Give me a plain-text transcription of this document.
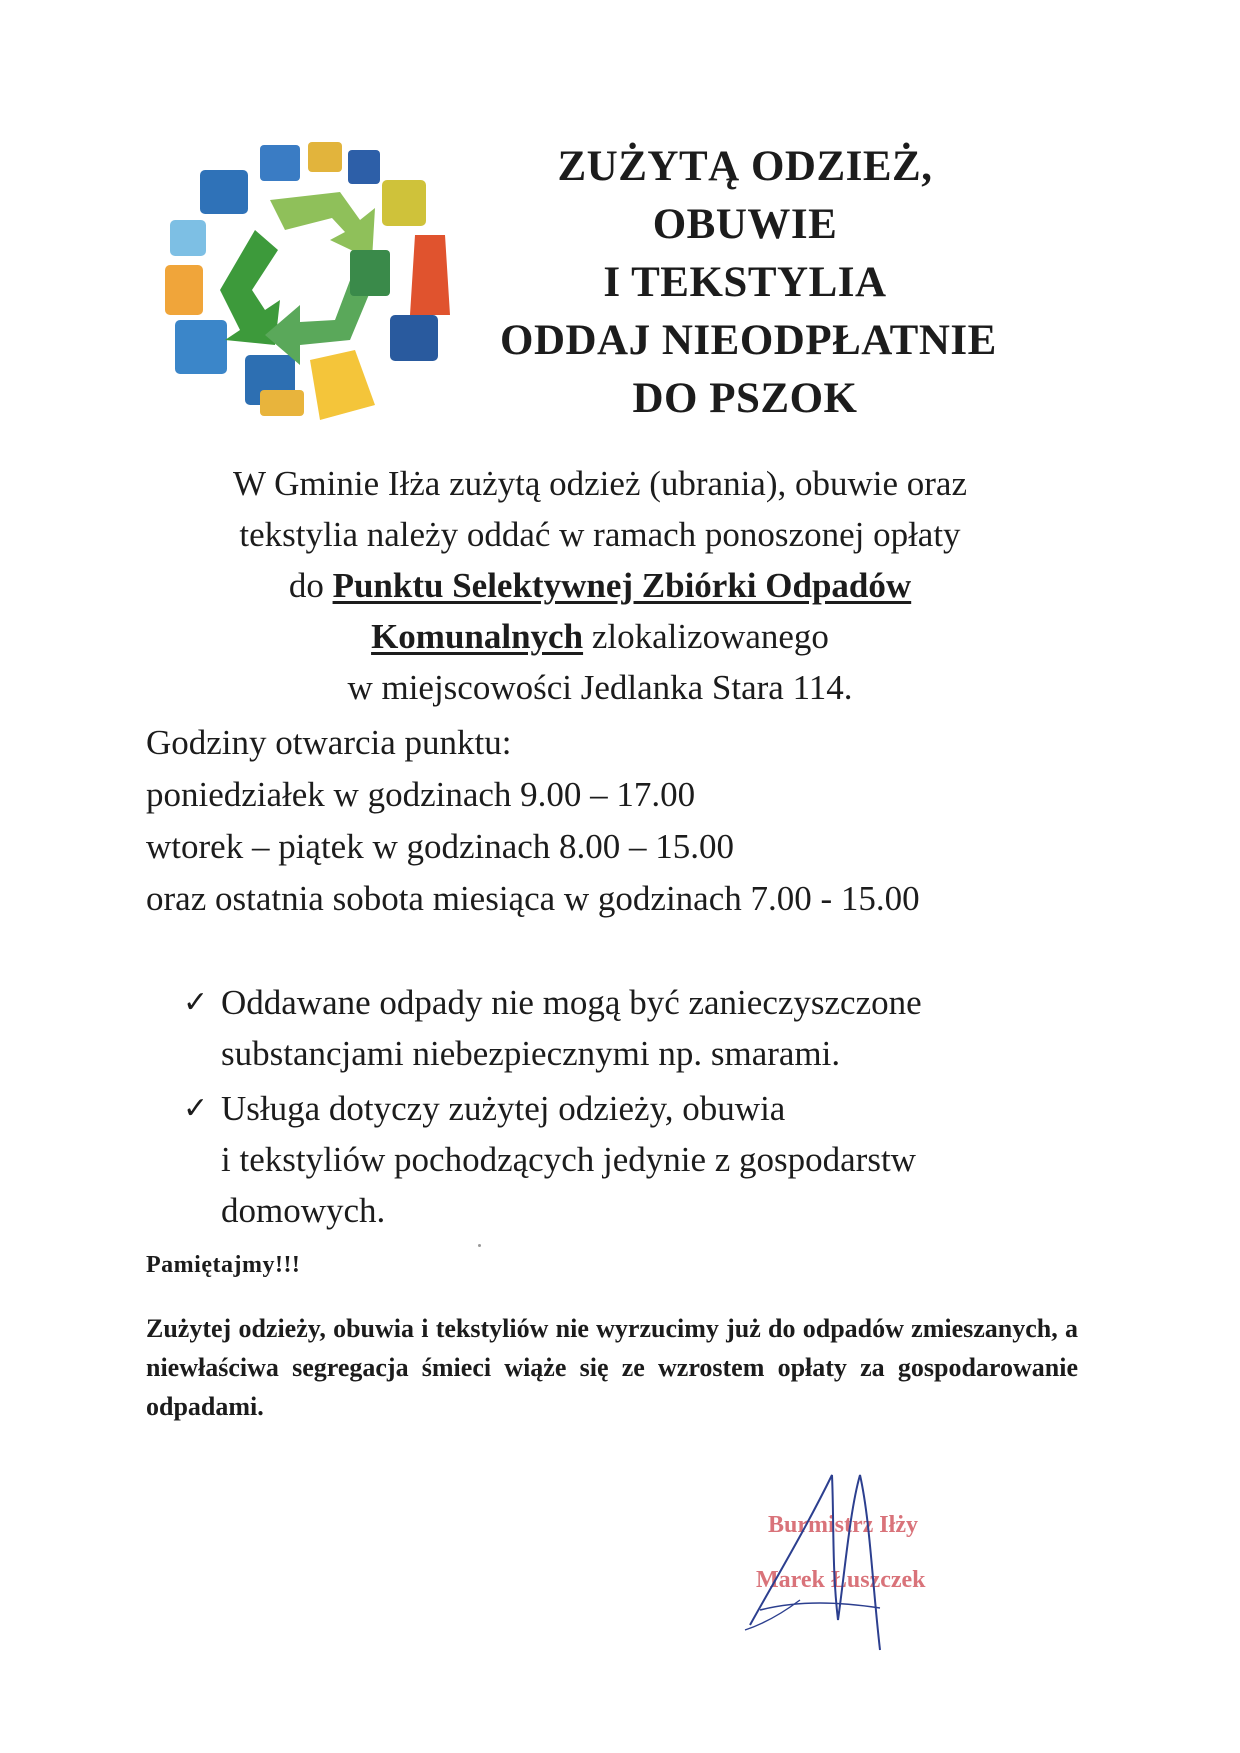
ZUŻYTĄ ODZIEŻ,
OBUWIE
I TEKSTYLIA
ODDAJ NIEODPŁATNIE
DO PSZOK
W Gminie Iłża zużytą odzież (ubrania), obuwie oraz
tekstylia należy oddać w ramach ponoszonej opłaty
do Punktu Selektywnej Zbiórki Odpadów
Komunalnych zlokalizowanego
w miejscowości Jedlanka Stara 114.
Godziny otwarcia punktu:
poniedziałek w godzinach 9.00 – 17.00
wtorek – piątek w godzinach 8.00 – 15.00
oraz ostatnia sobota miesiąca w godzinach 7.00 - 15.00
✓ Oddawane odpady nie mogą być zanieczyszczone
substancjami niebezpiecznymi np. smarami.
✓ Usługa dotyczy zużytej odzieży, obuwia
i tekstyliów pochodzących jedynie z gospodarstw
domowych.
Pamiętajmy!!!
Zużytej odzieży, obuwia i tekstyliów nie wyrzucimy już do odpadów zmieszanych, a niewłaściwa segregacja śmieci wiąże się ze wzrostem opłaty za gospodarowanie odpadami.
Burmistrz Iłży
Marek Łuszczek
